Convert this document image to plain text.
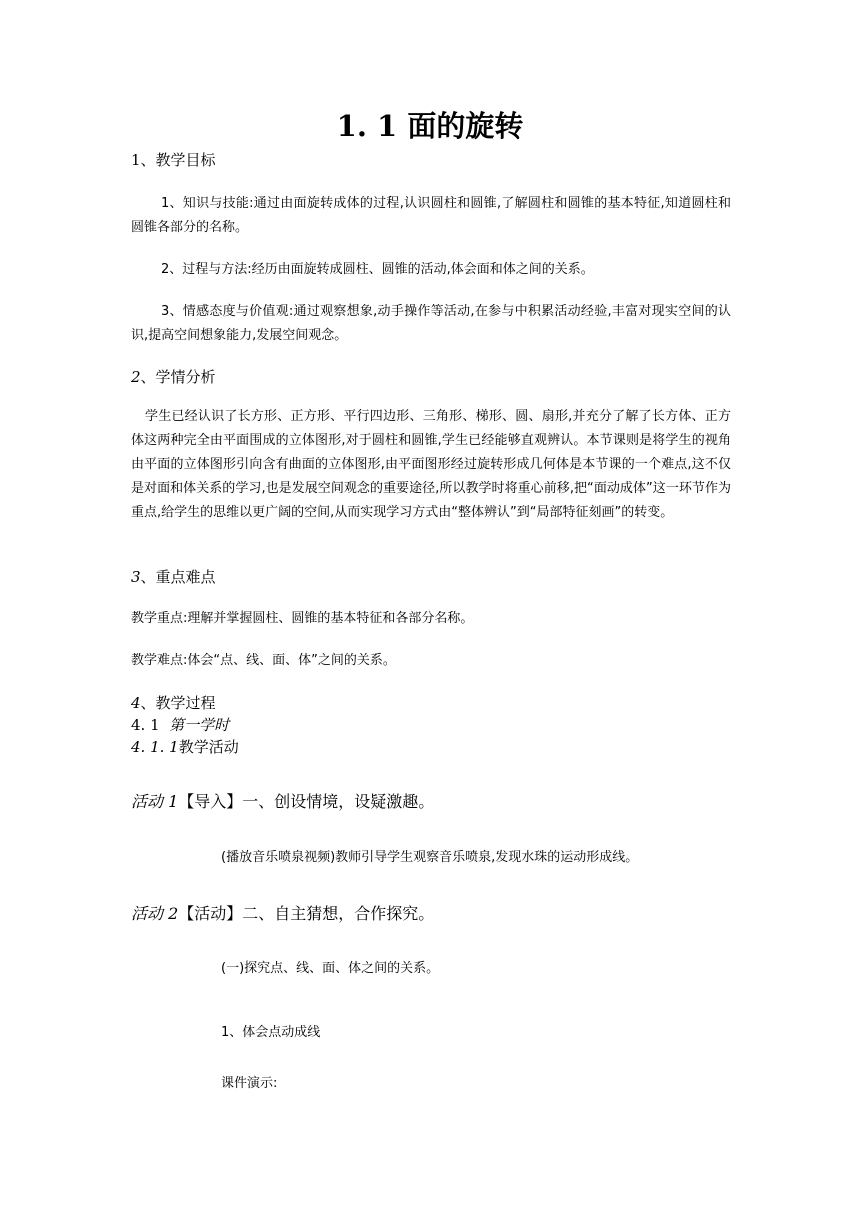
1. 1 面的旋转
1、教学目标

1、知识与技能:通过由面旋转成体的过程,认识圆柱和圆锥,了解圆柱和圆锥的基本特征,知道圆柱和圆锥各部分的名称。

2、过程与方法:经历由面旋转成圆柱、圆锥的活动,体会面和体之间的关系。

3、情感态度与价值观:通过观察想象,动手操作等活动,在参与中积累活动经验,丰富对现实空间的认识,提高空间想象能力,发展空间观念。

2、学情分析

学生已经认识了长方形、正方形、平行四边形、三角形、梯形、圆、扇形,并充分了解了长方体、正方体这两种完全由平面围成的立体图形,对于圆柱和圆锥,学生已经能够直观辨认。本节课则是将学生的视角由平面的立体图形引向含有曲面的立体图形,由平面图形经过旋转形成几何体是本节课的一个难点,这不仅是对面和体关系的学习,也是发展空间观念的重要途径,所以教学时将重心前移,把“面动成体”这一环节作为重点,给学生的思维以更广阔的空间,从而实现学习方式由“整体辨认”到“局部特征刻画”的转变。

3、重点难点
教学重点:理解并掌握圆柱、圆锥的基本特征和各部分名称。
教学难点:体会“点、线、面、体”之间的关系。
4、教学过程
4. 1 第一学时
4. 1. 1教学活动
活动 1【导入】一、创设情境，设疑激趣。
(播放音乐喷泉视频)教师引导学生观察音乐喷泉,发现水珠的运动形成线。
活动 2【活动】二、自主猜想，合作探究。
(一)探究点、线、面、体之间的关系。
1、体会点动成线
课件演示:
